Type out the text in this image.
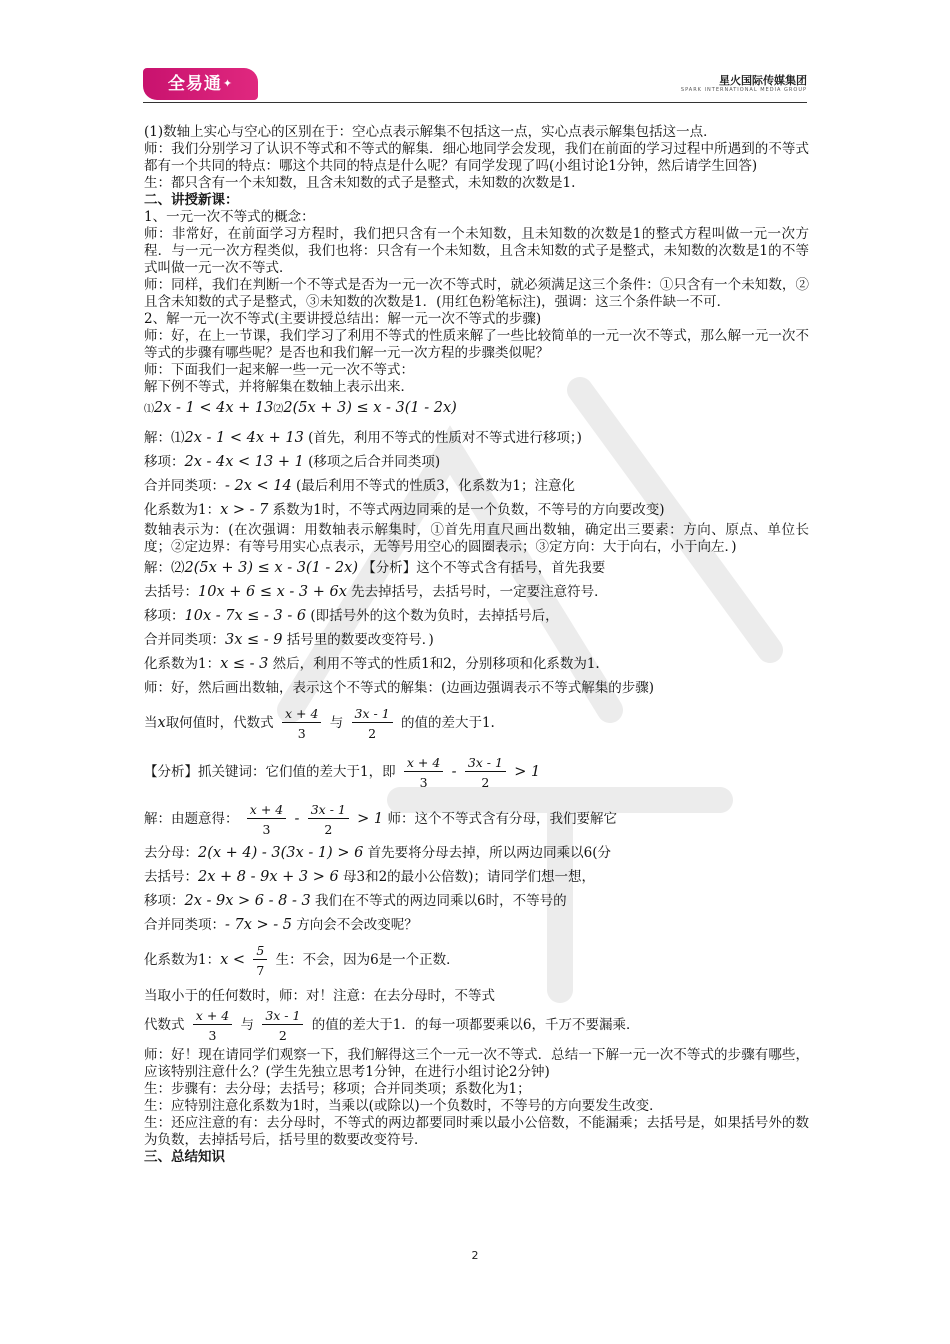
全易通✦	星火国际传媒集团
SPARK INTERNATIONAL MEDIA GROUP

(1)数轴上实心与空心的区别在于：空心点表示解集不包括这一点，实心点表示解集包括这一点．

师：我们分别学习了认识不等式和不等式的解集．细心地同学会发现，我们在前面的学习过程中所遇到的不等式都有一个共同的特点：哪这个共同的特点是什么呢？有同学发现了吗(小组讨论1分钟，然后请学生回答)

生：都只含有一个未知数，且含未知数的式子是整式，未知数的次数是1.

二、讲授新课：

1、一元一次不等式的概念：

师：非常好，在前面学习方程时，我们把只含有一个未知数，且未知数的次数是1的整式方程叫做一元一次方程．与一元一次方程类似，我们也将：只含有一个未知数，且含未知数的式子是整式，未知数的次数是1的不等式叫做一元一次不等式．

师：同样，我们在判断一个不等式是否为一元一次不等式时，就必须满足这三个条件：①只含有一个未知数，②且含未知数的式子是整式，③未知数的次数是1．(用红色粉笔标注)，强调：这三个条件缺一不可．

2、解一元一次不等式(主要讲授总结出：解一元一次不等式的步骤)

师：好，在上一节课，我们学习了利用不等式的性质来解了一些比较简单的一元一次不等式，那么解一元一次不等式的步骤有哪些呢？是否也和我们解一元一次方程的步骤类似呢？

师：下面我们一起来解一些一元一次不等式：

解下例不等式，并将解集在数轴上表示出来．

⑴2x - 1 < 4x + 13⑵2(5x + 3) ≤ x - 3(1 - 2x)

解：⑴2x - 1 < 4x + 13 (首先，利用不等式的性质对不等式进行移项；)

移项：2x - 4x < 13 + 1 (移项之后合并同类项)

合并同类项：- 2x < 14 (最后利用不等式的性质3，化系数为1；注意化

化系数为1：x > - 7 系数为1时，不等式两边同乘的是一个负数，不等号的方向要改变)

数轴表示为：(在次强调：用数轴表示解集时，①首先用直尺画出数轴，确定出三要素：方向、原点、单位长度；②定边界：有等号用实心点表示，无等号用空心的圆圈表示；③定方向：大于向右，小于向左．)

解：⑵2(5x + 3) ≤ x - 3(1 - 2x) 【分析】这个不等式含有括号，首先我要

去括号：10x + 6 ≤ x - 3 + 6x 先去掉括号，去括号时，一定要注意符号．

移项：10x - 7x ≤ - 3 - 6 (即括号外的这个数为负时，去掉括号后，

合并同类项：3x ≤ - 9 括号里的数要改变符号．)

化系数为1：x ≤ - 3 然后，利用不等式的性质1和2，分别移项和化系数为1.

师：好，然后画出数轴，表示这个不等式的解集：(边画边强调表示不等式解集的步骤)

当x取何值时，代数式 $\frac{x + 4}{3}$ 与 $\frac{3x - 1}{2}$ 的值的差大于1.

【分析】抓关键词：它们值的差大于1，即 $\frac{x + 4}{3} - \frac{3x - 1}{2} > 1$

解：由题意得： $\frac{x + 4}{3} - \frac{3x - 1}{2} > 1$ 师：这个不等式含有分母，我们要解它

去分母：2(x + 4) - 3(3x - 1) > 6 首先要将分母去掉，所以两边同乘以6(分

去括号：2x + 8 - 9x + 3 > 6 母3和2的最小公倍数)；请同学们想一想，

移项：2x - 9x > 6 - 8 - 3 我们在不等式的两边同乘以6时，不等号的

合并同类项：- 7x > - 5 方向会不会改变呢？

化系数为1：$x < \frac{5}{7}$ 生：不会，因为6是一个正数．

当取小于的任何数时，师：对！注意：在去分母时，不等式

代数式 $\frac{x + 4}{3}$ 与 $\frac{3x - 1}{2}$ 的值的差大于1．的每一项都要乘以6，千万不要漏乘．

师：好！现在请同学们观察一下，我们解得这三个一元一次不等式．总结一下解一元一次不等式的步骤有哪些，应该特别注意什么？(学生先独立思考1分钟，在进行小组讨论2分钟)

生：步骤有：去分母；去括号；移项；合并同类项；系数化为1；

生：应特别注意化系数为1时，当乘以(或除以)一个负数时，不等号的方向要发生改变．

生：还应注意的有：去分母时，不等式的两边都要同时乘以最小公倍数，不能漏乘；去括号是，如果括号外的数为负数，去掉括号后，括号里的数要改变符号．

三、总结知识

2
